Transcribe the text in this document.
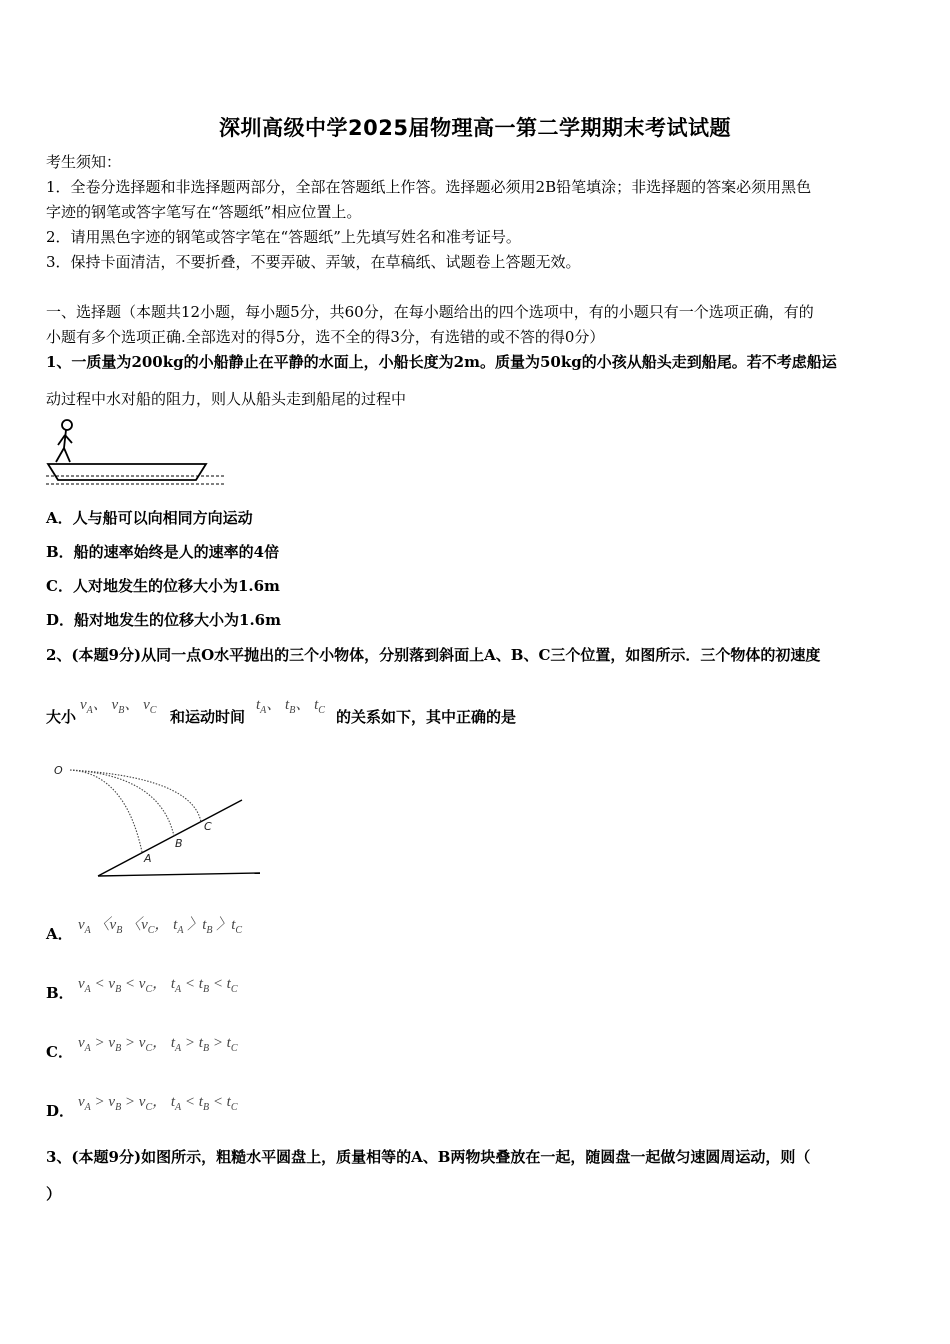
深圳高级中学2025届物理高一第二学期期末考试试题
考生须知：
1．全卷分选择题和非选择题两部分，全部在答题纸上作答。选择题必须用2B铅笔填涂；非选择题的答案必须用黑色
字迹的钢笔或答字笔写在“答题纸”相应位置上。
2．请用黑色字迹的钢笔或答字笔在“答题纸”上先填写姓名和准考证号。
3．保持卡面清洁，不要折叠，不要弄破、弄皱，在草稿纸、试题卷上答题无效。
一、选择题（本题共12小题，每小题5分，共60分，在每小题给出的四个选项中，有的小题只有一个选项正确，有的
小题有多个选项正确.全部选对的得5分，选不全的得3分，有选错的或不答的得0分）
1、一质量为200kg的小船静止在平静的水面上，小船长度为2m。质量为50kg的小孩从船头走到船尾。若不考虑船运
动过程中水对船的阻力，则人从船头走到船尾的过程中
A．人与船可以向相同方向运动
B．船的速率始终是人的速率的4倍
C．人对地发生的位移大小为1.6m
D．船对地发生的位移大小为1.6m
2、(本题9分)从同一点O水平抛出的三个小物体，分别落到斜面上A、B、C三个位置，如图所示．三个物体的初速度
大小
$v_A$、 $v_B$、 $v_C$ 和运动时间
$t_A$、 $t_B$、 $t_C$ 的关系如下，其中正确的是
O
A
B
C
A． $v_A$ 〈$v_B$ 〈$v_C$， $t_A$ 〉$t_B$ 〉$t_C$
B． $v_A < v_B < v_C$， $t_A < t_B < t_C$
C． $v_A > v_B > v_C$， $t_A > t_B > t_C$
D． $v_A > v_B > v_C$， $t_A < t_B < t_C$
3、(本题9分)如图所示，粗糙水平圆盘上，质量相等的A、B两物块叠放在一起，随圆盘一起做匀速圆周运动，则（
）
